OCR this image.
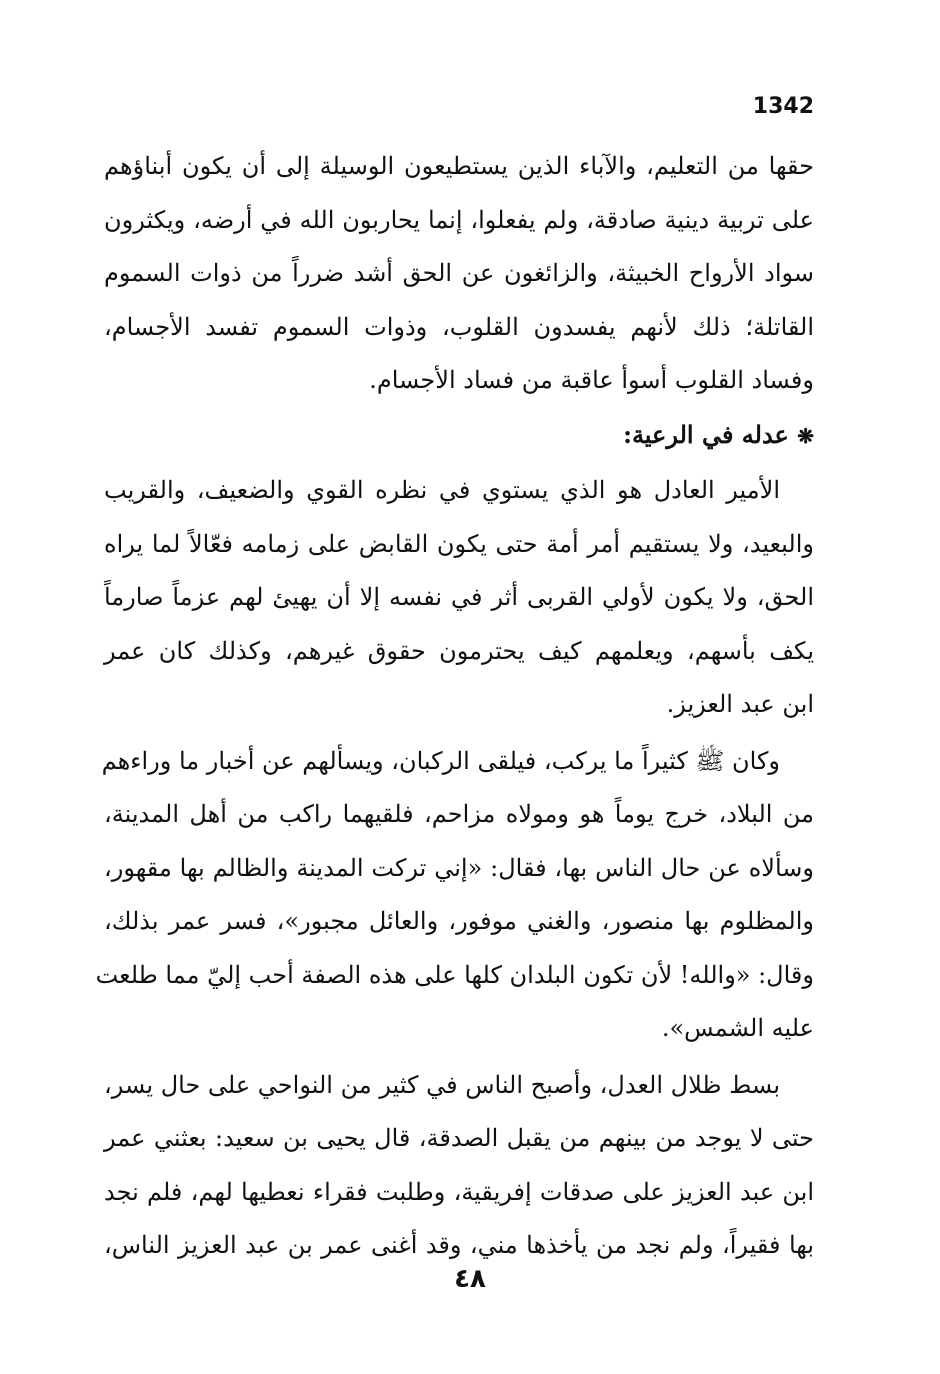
1342
حقها من التعليم، والآباء الذين يستطيعون الوسيلة إلى أن يكون أبناؤهم
على تربية دينية صادقة، ولم يفعلوا، إنما يحاربون الله في أرضه، ويكثرون
سواد الأرواح الخبيثة، والزائغون عن الحق أشد ضرراً من ذوات السموم
القاتلة؛ ذلك لأنهم يفسدون القلوب، وذوات السموم تفسد الأجسام،
وفساد القلوب أسوأ عاقبة من فساد الأجسام.
❋ عدله في الرعية:
الأمير العادل هو الذي يستوي في نظره القوي والضعيف، والقريب
والبعيد، ولا يستقيم أمر أمة حتى يكون القابض على زمامه فعّالاً لما يراه
الحق، ولا يكون لأولي القربى أثر في نفسه إلا أن يهيئ لهم عزماً صارماً
يكف بأسهم، ويعلمهم كيف يحترمون حقوق غيرهم، وكذلك كان عمر
ابن عبد العزيز.
وكان ﷺ كثيراً ما يركب، فيلقى الركبان، ويسألهم عن أخبار ما وراءهم
من البلاد، خرج يوماً هو ومولاه مزاحم، فلقيهما راكب من أهل المدينة،
وسألاه عن حال الناس بها، فقال: «إني تركت المدينة والظالم بها مقهور،
والمظلوم بها منصور، والغني موفور، والعائل مجبور»، فسر عمر بذلك،
وقال: «والله! لأن تكون البلدان كلها على هذه الصفة أحب إليّ مما طلعت
عليه الشمس».
بسط ظلال العدل، وأصبح الناس في كثير من النواحي على حال يسر،
حتى لا يوجد من بينهم من يقبل الصدقة، قال يحيى بن سعيد: بعثني عمر
ابن عبد العزيز على صدقات إفريقية، وطلبت فقراء نعطيها لهم، فلم نجد
بها فقيراً، ولم نجد من يأخذها مني، وقد أغنى عمر بن عبد العزيز الناس،
٤٨
